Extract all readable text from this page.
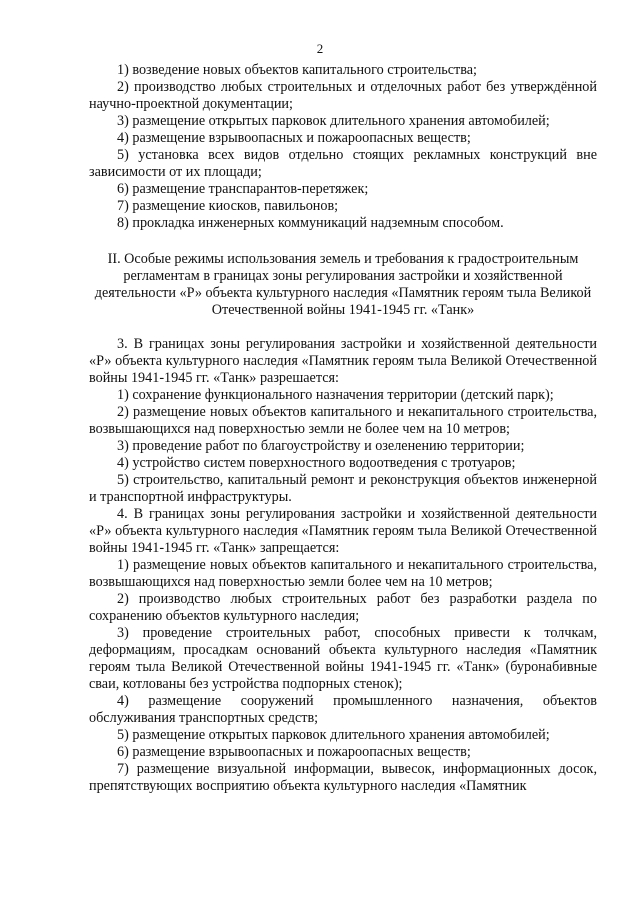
2

1) возведение новых объектов капитального строительства;

2) производство любых строительных и отделочных работ без утверждённой научно-проектной документации;

3) размещение открытых парковок длительного хранения автомобилей;

4) размещение взрывоопасных и пожароопасных веществ;

5) установка всех видов отдельно стоящих рекламных конструкций вне зависимости от их площади;

6) размещение транспарантов-перетяжек;

7) размещение киосков, павильонов;

8) прокладка инженерных коммуникаций надземным способом.

II. Особые режимы использования земель и требования к градостроительным регламентам в границах зоны регулирования застройки и хозяйственной деятельности «Р» объекта культурного наследия «Памятник героям тыла Великой Отечественной войны 1941-1945 гг. «Танк»

3. В границах зоны регулирования застройки и хозяйственной деятельности «Р» объекта культурного наследия «Памятник героям тыла Великой Отечественной войны 1941-1945 гг. «Танк» разрешается:

1) сохранение функционального назначения территории (детский парк);

2) размещение новых объектов капитального и некапитального строительства, возвышающихся над поверхностью земли не более чем на 10 метров;

3) проведение работ по благоустройству и озеленению территории;

4) устройство систем поверхностного водоотведения с тротуаров;

5) строительство, капитальный ремонт и реконструкция объектов инженерной и транспортной инфраструктуры.

4. В границах зоны регулирования застройки и хозяйственной деятельности «Р» объекта культурного наследия «Памятник героям тыла Великой Отечественной войны 1941-1945 гг. «Танк» запрещается:

1) размещение новых объектов капитального и некапитального строительства, возвышающихся над поверхностью земли более чем на 10 метров;

2) производство любых строительных работ без разработки раздела по сохранению объектов культурного наследия;

3) проведение строительных работ, способных привести к толчкам, деформациям, просадкам оснований объекта культурного наследия «Памятник героям тыла Великой Отечественной войны 1941-1945 гг. «Танк» (буронабивные сваи, котлованы без устройства подпорных стенок);

4) размещение сооружений промышленного назначения, объектов обслуживания транспортных средств;

5) размещение открытых парковок длительного хранения автомобилей;

6) размещение взрывоопасных и пожароопасных веществ;

7) размещение визуальной информации, вывесок, информационных досок, препятствующих восприятию объекта культурного наследия «Памятник
